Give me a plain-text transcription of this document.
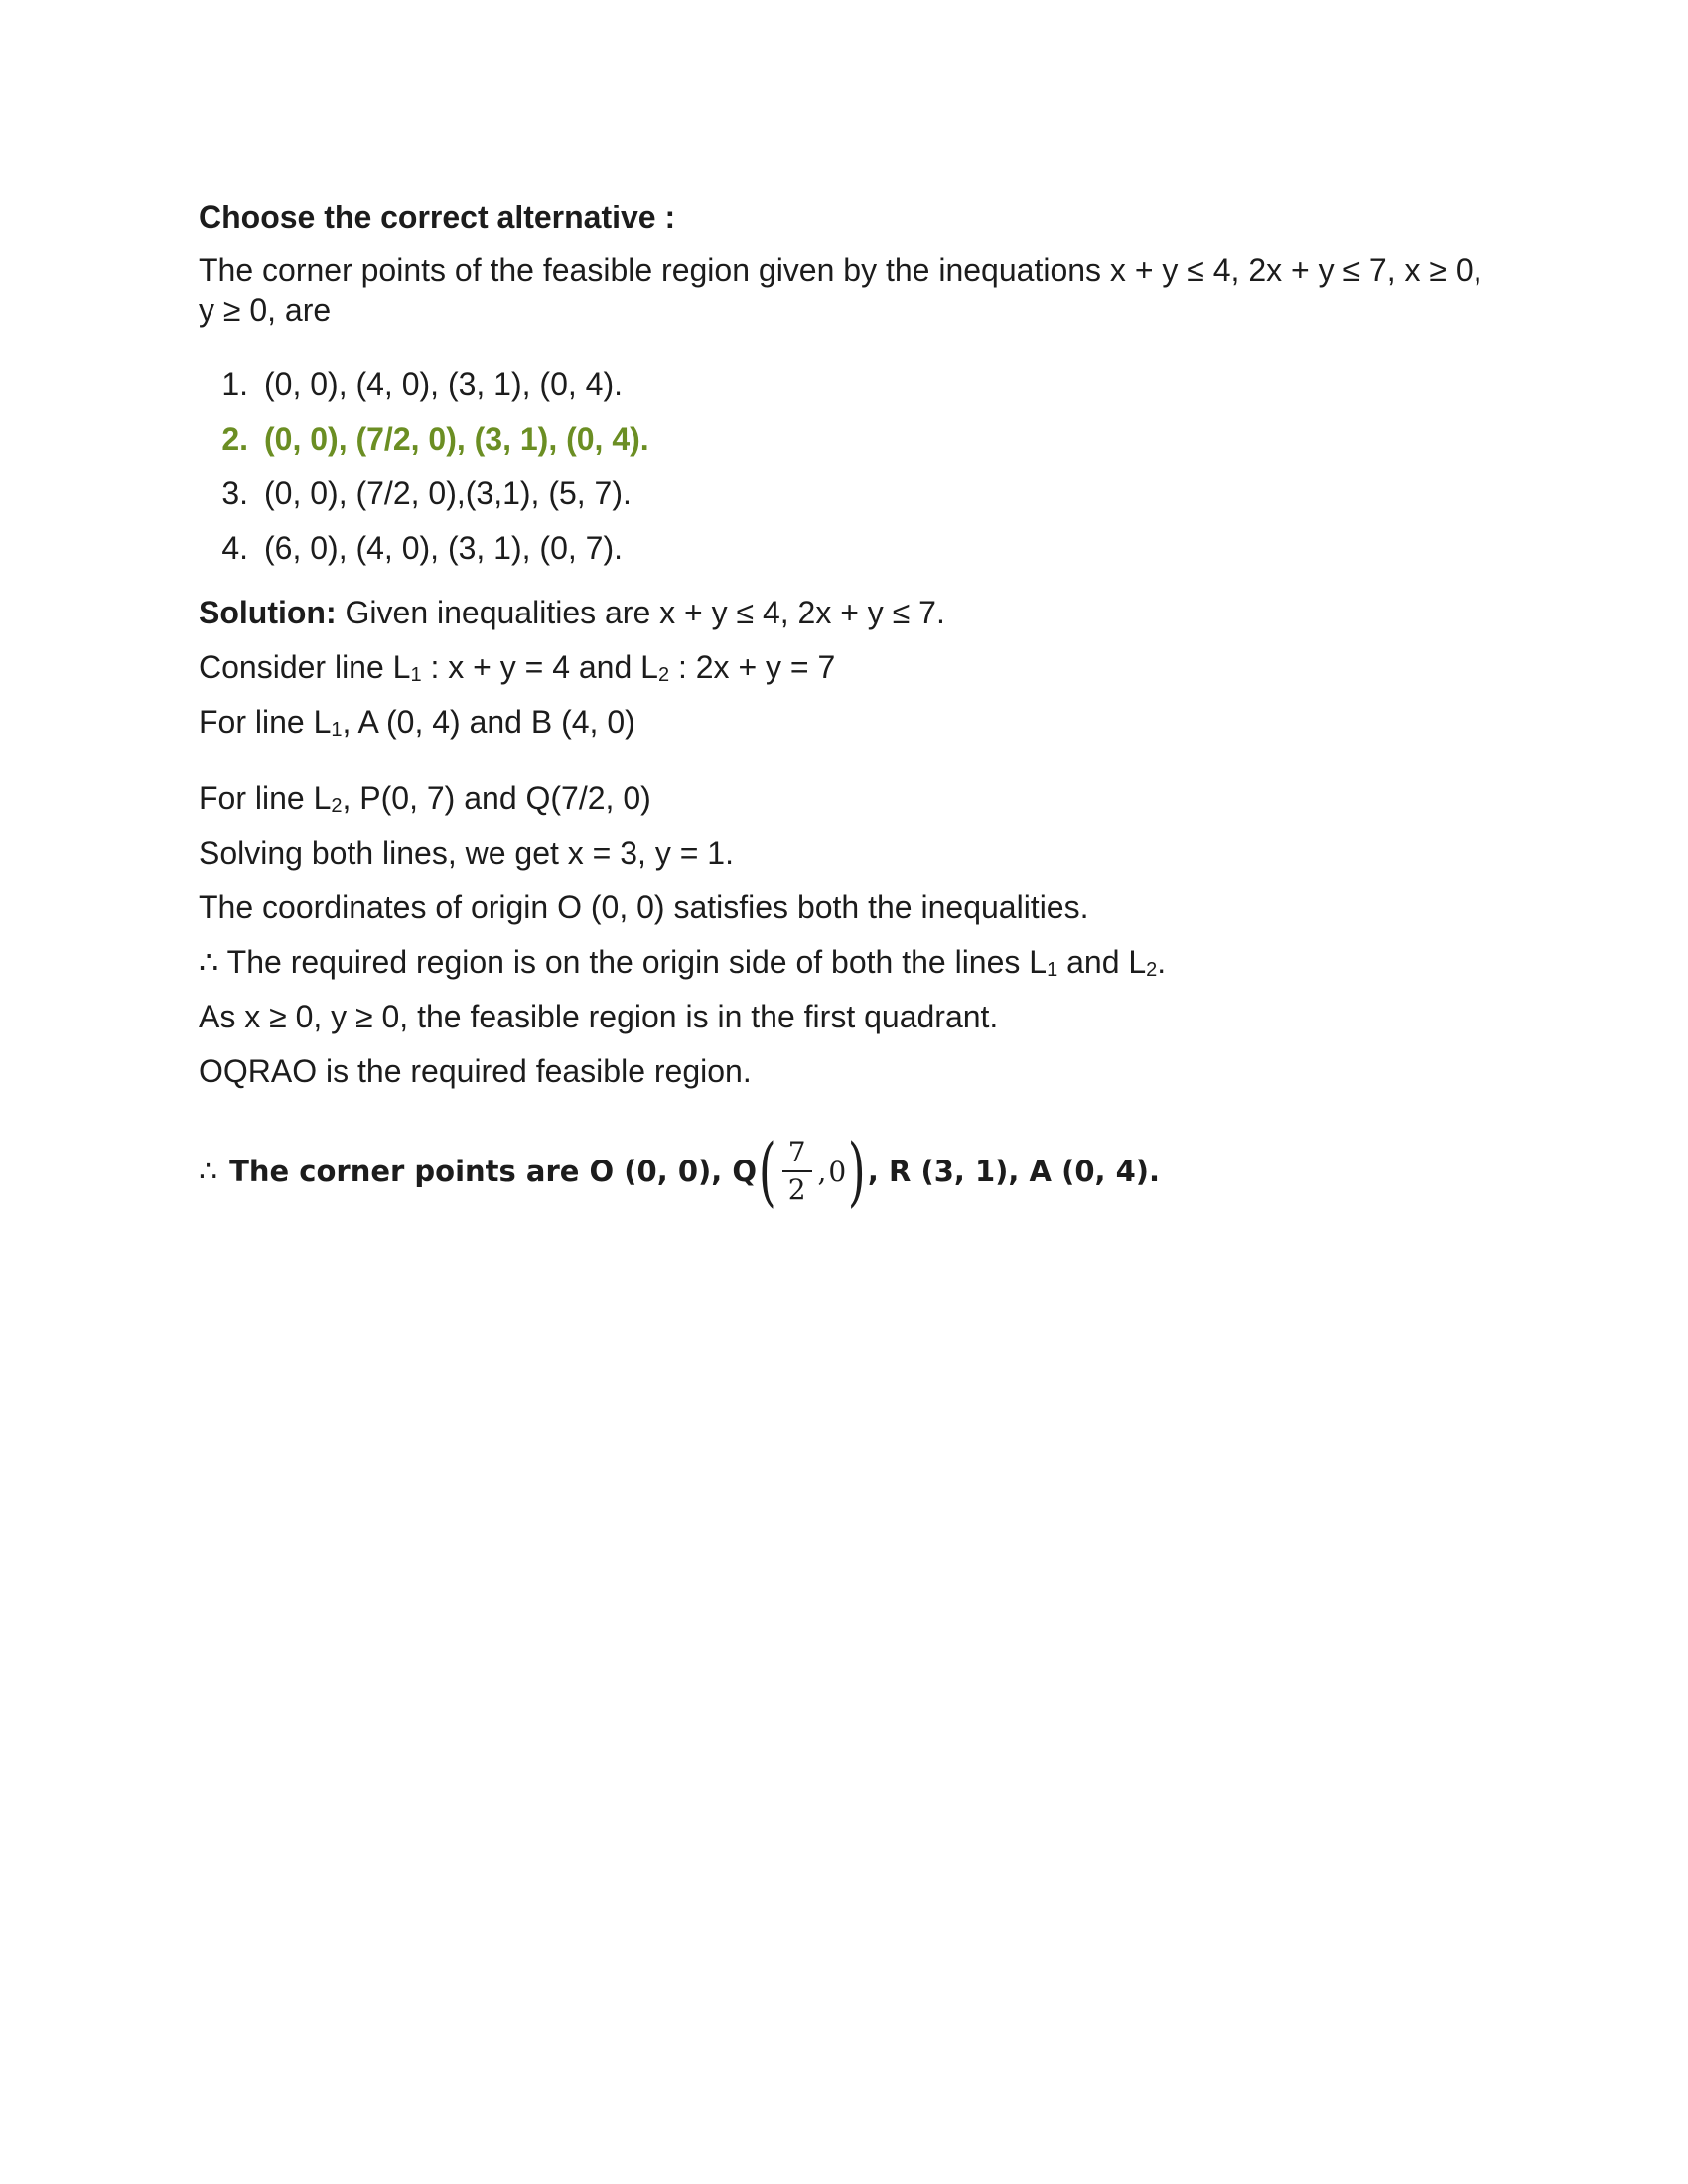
Choose the correct alternative :
The corner points of the feasible region given by the inequations x + y ≤ 4, 2x + y ≤ 7, x ≥ 0, y ≥ 0, are
1. (0, 0), (4, 0), (3, 1), (0, 4).
2. (0, 0), (7/2, 0), (3, 1), (0, 4).
3. (0, 0), (7/2, 0),(3,1), (5, 7).
4. (6, 0), (4, 0), (3, 1), (0, 7).

Solution: Given inequalities are x + y ≤ 4, 2x + y ≤ 7.

Consider line $L_1$ : x + y = 4 and $L_2$ : 2x + y = 7

For line $L_1$, A (0, 4) and B (4, 0)

For line $L_2$, P(0, 7) and Q(7/2, 0)

Solving both lines, we get x = 3, y = 1.

The coordinates of origin O (0, 0) satisfies both the inequalities.

∴ The required region is on the origin side of both the lines $L_1$ and $L_2$.

As x ≥ 0, y ≥ 0, the feasible region is in the first quadrant.

OQRAO is the required feasible region.

∴ The corner points are O (0, 0), Q ( $\frac{7}{2}$ , 0 ) , R (3, 1), A (0, 4).
